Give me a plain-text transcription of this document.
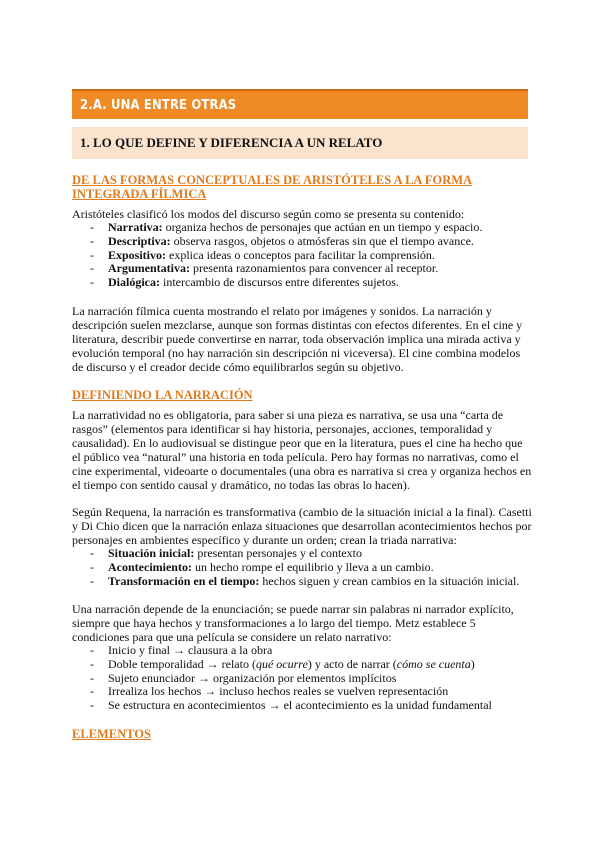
2.A. UNA ENTRE OTRAS
1. LO QUE DEFINE Y DIFERENCIA A UN RELATO
DE LAS FORMAS CONCEPTUALES DE ARISTÓTELES A LA FORMA
INTEGRADA FÍLMICA
Aristóteles clasificó los modos del discurso según como se presenta su contenido:
- Narrativa: organiza hechos de personajes que actúan en un tiempo y espacio.
- Descriptiva: observa rasgos, objetos o atmósferas sin que el tiempo avance.
- Expositivo: explica ideas o conceptos para facilitar la comprensión.
- Argumentativa: presenta razonamientos para convencer al receptor.
- Dialógica: intercambio de discursos entre diferentes sujetos.
La narración fílmica cuenta mostrando el relato por imágenes y sonidos. La narración y descripción suelen mezclarse, aunque son formas distintas con efectos diferentes. En el cine y literatura, describir puede convertirse en narrar, toda observación implica una mirada activa y evolución temporal (no hay narración sin descripción ni viceversa). El cine combina modelos de discurso y el creador decide cómo equilibrarlos según su objetivo.
DEFINIENDO LA NARRACIÓN
La narratividad no es obligatoria, para saber si una pieza es narrativa, se usa una “carta de rasgos” (elementos para identificar si hay historia, personajes, acciones, temporalidad y causalidad). En lo audiovisual se distingue peor que en la literatura, pues el cine ha hecho que el público vea “natural” una historia en toda película. Pero hay formas no narrativas, como el cine experimental, videoarte o documentales (una obra es narrativa si crea y organiza hechos en el tiempo con sentido causal y dramático, no todas las obras lo hacen).
Según Requena, la narración es transformativa (cambio de la situación inicial a la final). Casetti y Di Chio dicen que la narración enlaza situaciones que desarrollan acontecimientos hechos por personajes en ambientes específico y durante un orden; crean la triada narrativa:
- Situación inicial: presentan personajes y el contexto
- Acontecimiento: un hecho rompe el equilibrio y lleva a un cambio.
- Transformación en el tiempo: hechos siguen y crean cambios en la situación inicial.
Una narración depende de la enunciación; se puede narrar sin palabras ni narrador explícito, siempre que haya hechos y transformaciones a lo largo del tiempo. Metz establece 5 condiciones para que una película se considere un relato narrativo:
- Inicio y final → clausura a la obra
- Doble temporalidad → relato (qué ocurre) y acto de narrar (cómo se cuenta)
- Sujeto enunciador → organización por elementos implícitos
- Irrealiza los hechos → incluso hechos reales se vuelven representación
- Se estructura en acontecimientos → el acontecimiento es la unidad fundamental
ELEMENTOS
